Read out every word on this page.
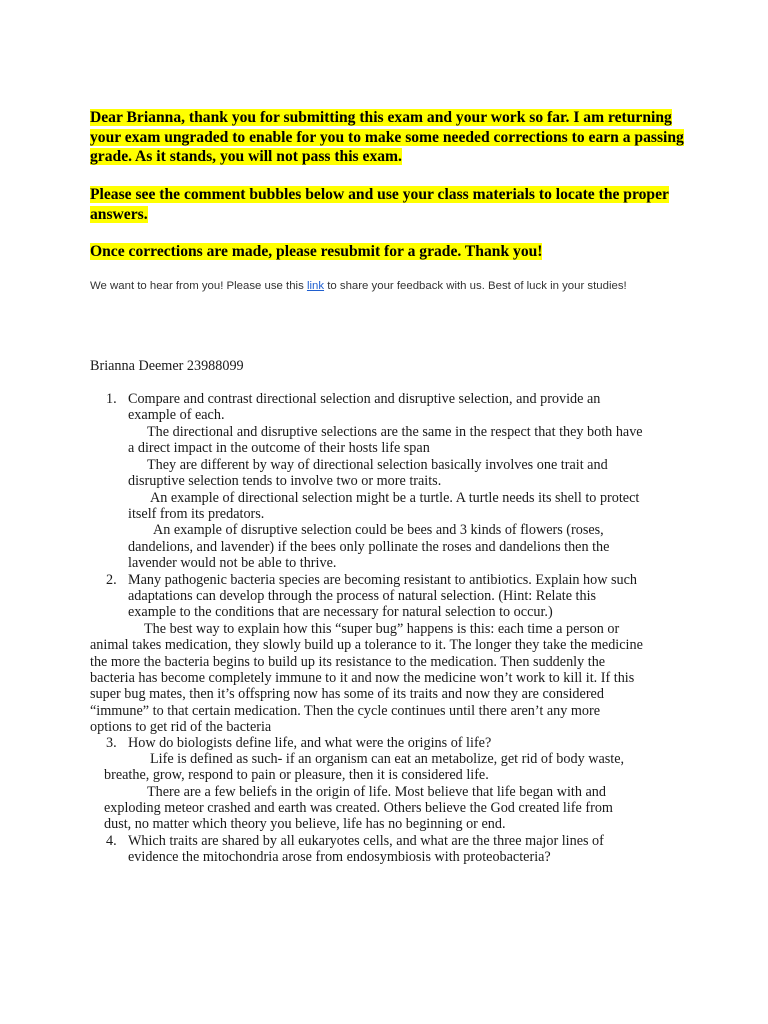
Dear Brianna, thank you for submitting this exam and your work so far. I am returning your exam ungraded to enable for you to make some needed corrections to earn a passing grade. As it stands, you will not pass this exam.
Please see the comment bubbles below and use your class materials to locate the proper answers.
Once corrections are made, please resubmit for a grade. Thank you!
We want to hear from you! Please use this link to share your feedback with us. Best of luck in your studies!
Brianna Deemer 23988099
1. Compare and contrast directional selection and disruptive selection, and provide an
example of each.
The directional and disruptive selections are the same in the respect that they both have
a direct impact in the outcome of their hosts life span
They are different by way of directional selection basically involves one trait and
disruptive selection tends to involve two or more traits.
An example of directional selection might be a turtle. A turtle needs its shell to protect
itself from its predators.
An example of disruptive selection could be bees and 3 kinds of flowers (roses,
dandelions, and lavender) if the bees only pollinate the roses and dandelions then the
lavender would not be able to thrive.
2. Many pathogenic bacteria species are becoming resistant to antibiotics. Explain how such
adaptations can develop through the process of natural selection. (Hint: Relate this
example to the conditions that are necessary for natural selection to occur.)
The best way to explain how this “super bug” happens is this: each time a person or
animal takes medication, they slowly build up a tolerance to it. The longer they take the medicine
the more the bacteria begins to build up its resistance to the medication. Then suddenly the
bacteria has become completely immune to it and now the medicine won’t work to kill it. If this
super bug mates, then it’s offspring now has some of its traits and now they are considered
“immune” to that certain medication. Then the cycle continues until there aren’t any more
options to get rid of the bacteria
3. How do biologists define life, and what were the origins of life?
Life is defined as such- if an organism can eat an metabolize, get rid of body waste,
breathe, grow, respond to pain or pleasure, then it is considered life.
There are a few beliefs in the origin of life. Most believe that life began with and
exploding meteor crashed and earth was created. Others believe the God created life from
dust, no matter which theory you believe, life has no beginning or end.
4. Which traits are shared by all eukaryotes cells, and what are the three major lines of
evidence the mitochondria arose from endosymbiosis with proteobacteria?
